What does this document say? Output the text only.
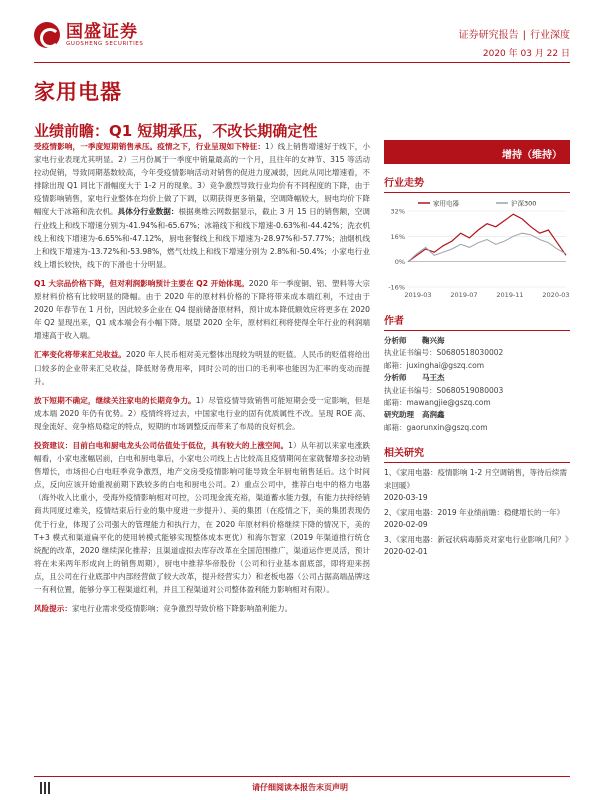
国盛证券
GUOSHENG SECURITIES
证券研究报告 | 行业深度
2020 年 03 月 22 日
家用电器
业绩前瞻：Q1 短期承压，不改长期确定性

受疫情影响，一季度短期销售承压。疫情之下，行业呈现如下特征：1）线上销售增速好于线下，小家电行业表现尤其明显。2）三月份属于一季度中销量最高的一个月，且往年的女神节、315 等活动拉动促销，导致同期基数较高，今年受疫情影响活动对销售的促进力度减弱，因此从同比增速看，不排除出现 Q1 同比下滑幅度大于 1-2 月的现象。3）竞争激烈导致行业均价有不同程度的下降，由于疫情影响销售，家电行业整体在均价上做了下调，以期获得更多销量，空调降幅较大，厨电均价下降幅度大于冰箱和洗衣机。具体分行业数据：根据奥维云网数据显示，截止 3 月 15 日的销售额，空调行业线上和线下增速分别为-41.94%和-65.67%；冰箱线下和线下增速-0.63%和-44.42%；洗衣机线上和线下增速为-6.65%和-47.12%，厨电套餐线上和线下增速为-28.97%和-57.77%；油烟机线上和线下增速为-13.72%和-53.98%，燃气灶线上和线下增速分别为 2.8%和-50.4%；小家电行业线上增长较快，线下的下滑也十分明显。

Q1 大宗品价格下降，但对利润影响预计主要在 Q2 开始体现。2020 年一季度铜、铝、塑料等大宗原材料价格有比较明显的降幅。由于 2020 年的原材料价格的下降将带来成本端红利，不过由于 2020 年春节在 1 月份，因此较多企业在 Q4 提前储备原材料，预计成本降低额效应将更多在 2020 年 Q2 显现出来，Q1 成本端会有小幅下降。展望 2020 全年，原材料红利将使得全年行业的利润端增速高于收入端。

汇率变化将带来汇兑收益。2020 年人民币相对美元整体出现较为明显的贬值。人民币的贬值将给出口较多的企业带来汇兑收益，降低财务费用率，同时公司的出口的毛利率也能因为汇率的变动而提升。

放下短期不确定，继续关注家电的长期竞争力。1）尽管疫情导致销售可能短期会受一定影响，但是成本端 2020 年仍有优势。2）疫情终将过去，中国家电行业的固有优质属性不改。呈现 ROE 高、现金流好、竞争格局稳定的特点，短期的市场调整反而带来了布局的良好机会。

投资建议：目前白电和厨电龙头公司估值处于低位，具有较大的上涨空间。1）从年初以来家电涨跌幅看，小家电涨幅居前，白电和厨电靠后，小家电公司线上占比较高且疫情期间在家就餐增多拉动销售增长，市场担心白电旺季竞争激烈，地产交房受疫情影响可能导致全年厨电销售延后。这个时间点，反向应该开始重视前期下跌较多的白电和厨电公司。2）重点公司中，推荐白电中的格力电器（海外收入比重小，受海外疫情影响相对可控，公司现金流充裕，渠道蓄水能力强，有能力扶持经销商共同度过难关，疫情结束后行业的集中度进一步提升）、美的集团（在疫情之下，美的集团表现仍优于行业，体现了公司强大的管理能力和执行力，在 2020 年原材料价格继续下降的情况下，美的 T+3 模式和渠道扁平化的使用转模式能够实现整体成本更优）和海尔智家（2019 年渠道推行统仓统配的改革，2020 继续深化推荐；且渠道虚拟去库存改革在全国范围推广，渠道运作更灵活，预计将在未来两年形成向上的销售周期），厨电中推荐华帝股份（公司和行业基本面底部，即将迎来拐点，且公司在行业底部中内部经营做了较大改革，提升经营实力）和老板电器（公司占据高端品牌这一有利位置，能够分享工程渠道红利，并且工程渠道对公司整体盈利能力影响相对有限）。

风险提示：家电行业需求受疫情影响；竞争激烈导致价格下降影响盈利能力。

增持（维持）
行业走势
32%
16%
0%
-16%
2019-03	2019-07	2019-11	2020-03
家用电器	沪深300
作者
分析师	鞠兴海
执业证书编号：S0680518030002
邮箱：juxinghai@gszq.com
分析师	马王杰
执业证书编号：S0680519080003
邮箱：mawangjie@gszq.com
研究助理	高润鑫
邮箱：gaorunxin@gszq.com
相关研究
1、《家用电器：疫情影响 1-2 月空调销售，等待后续需求回暖》
2020-03-19
2、《家用电器：2019 年业绩前瞻：稳健增长的一年》
2020-02-09
3、《家用电器：新冠状病毒肺炎对家电行业影响几何？》
2020-02-01
请仔细阅读本报告末页声明
